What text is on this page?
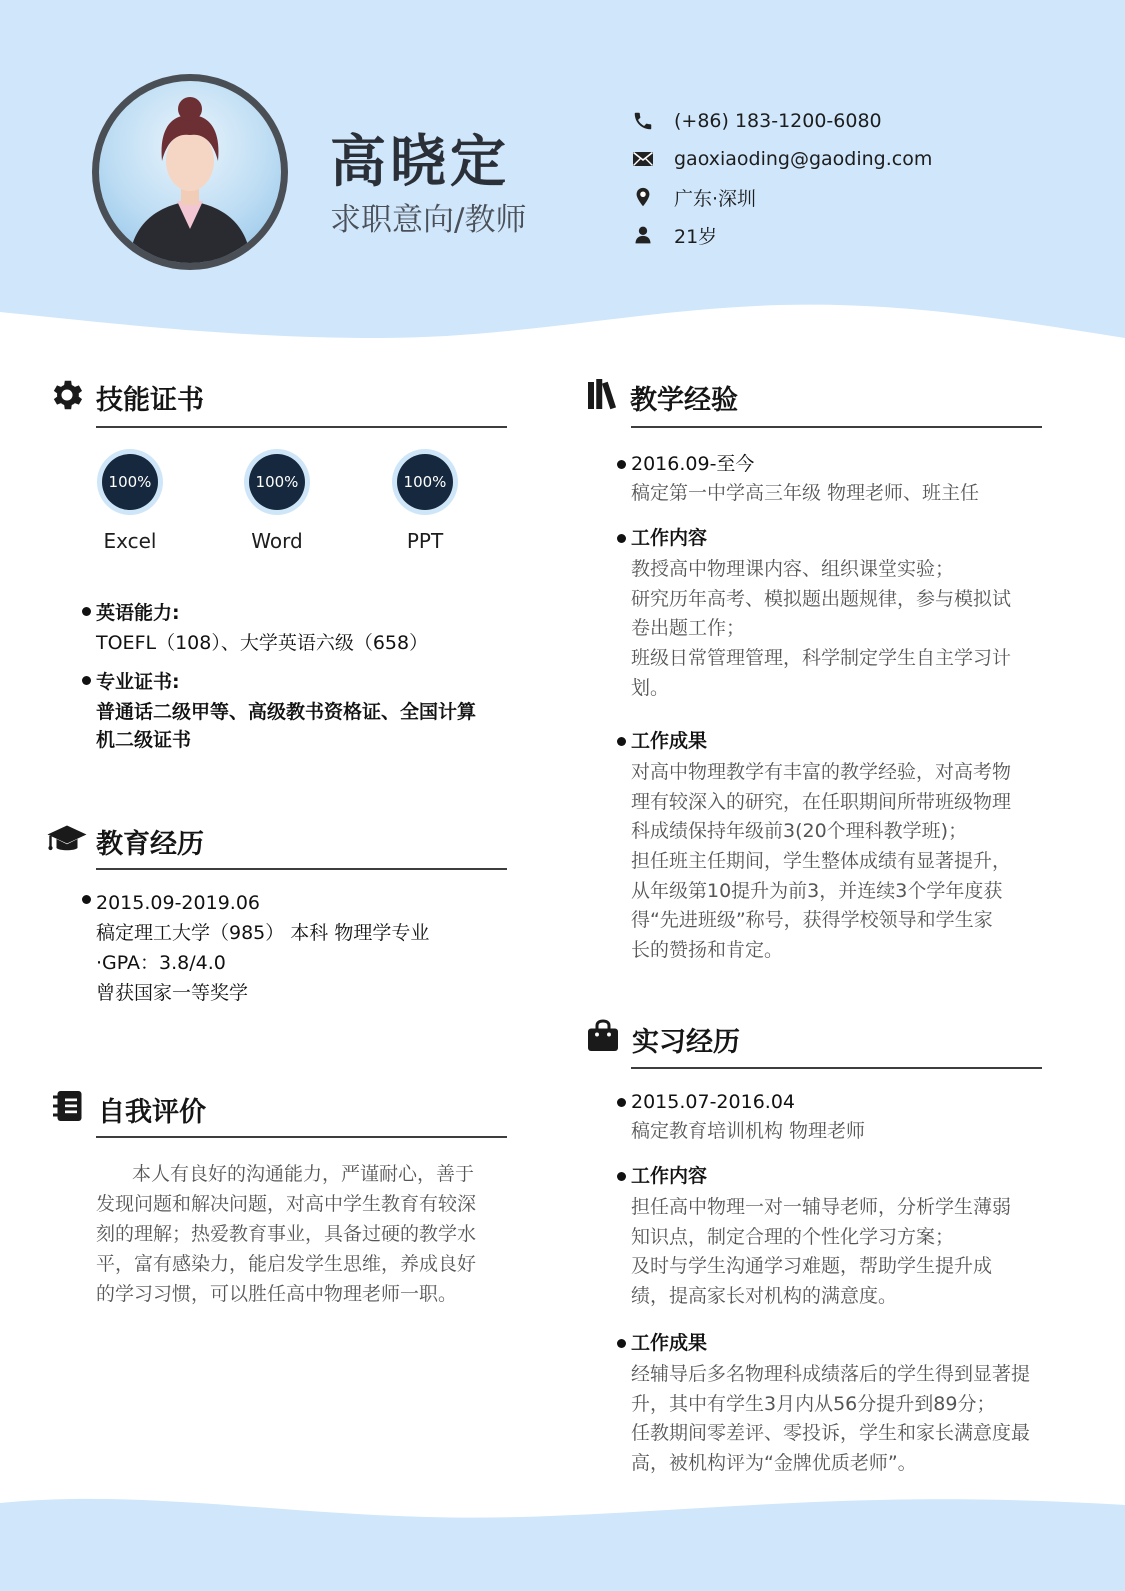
高晓定
求职意向/教师
(+86) 183-1200-6080
gaoxiaoding@gaoding.com
广东·深圳
21岁
技能证书
100%
Excel
100%
Word
100%
PPT
英语能力:
TOEFL（108）、大学英语六级（658）
专业证书:
普通话二级甲等、高级教书资格证、全国计算
机二级证书
教育经历
2015.09-2019.06
稿定理工大学（985） 本科 物理学专业
·GPA：3.8/4.0
曾获国家一等奖学
自我评价
本人有良好的沟通能力，严谨耐心，善于
发现问题和解决问题，对高中学生教育有较深
刻的理解；热爱教育事业，具备过硬的教学水
平，富有感染力，能启发学生思维，养成良好
的学习习惯，可以胜任高中物理老师一职。
教学经验
2016.09-至今
稿定第一中学高三年级 物理老师、班主任
工作内容
教授高中物理课内容、组织课堂实验；
研究历年高考、模拟题出题规律，参与模拟试
卷出题工作；
班级日常管理管理，科学制定学生自主学习计
划。
工作成果
对高中物理教学有丰富的教学经验，对高考物
理有较深入的研究，在任职期间所带班级物理
科成绩保持年级前3(20个理科教学班)；
担任班主任期间，学生整体成绩有显著提升，
从年级第10提升为前3，并连续3个学年度获
得“先进班级”称号，获得学校领导和学生家
长的赞扬和肯定。
实习经历
2015.07-2016.04
稿定教育培训机构 物理老师
工作内容
担任高中物理一对一辅导老师，分析学生薄弱
知识点，制定合理的个性化学习方案；
及时与学生沟通学习难题，帮助学生提升成
绩，提高家长对机构的满意度。
工作成果
经辅导后多名物理科成绩落后的学生得到显著提
升，其中有学生3月内从56分提升到89分；
任教期间零差评、零投诉，学生和家长满意度最
高，被机构评为“金牌优质老师”。
